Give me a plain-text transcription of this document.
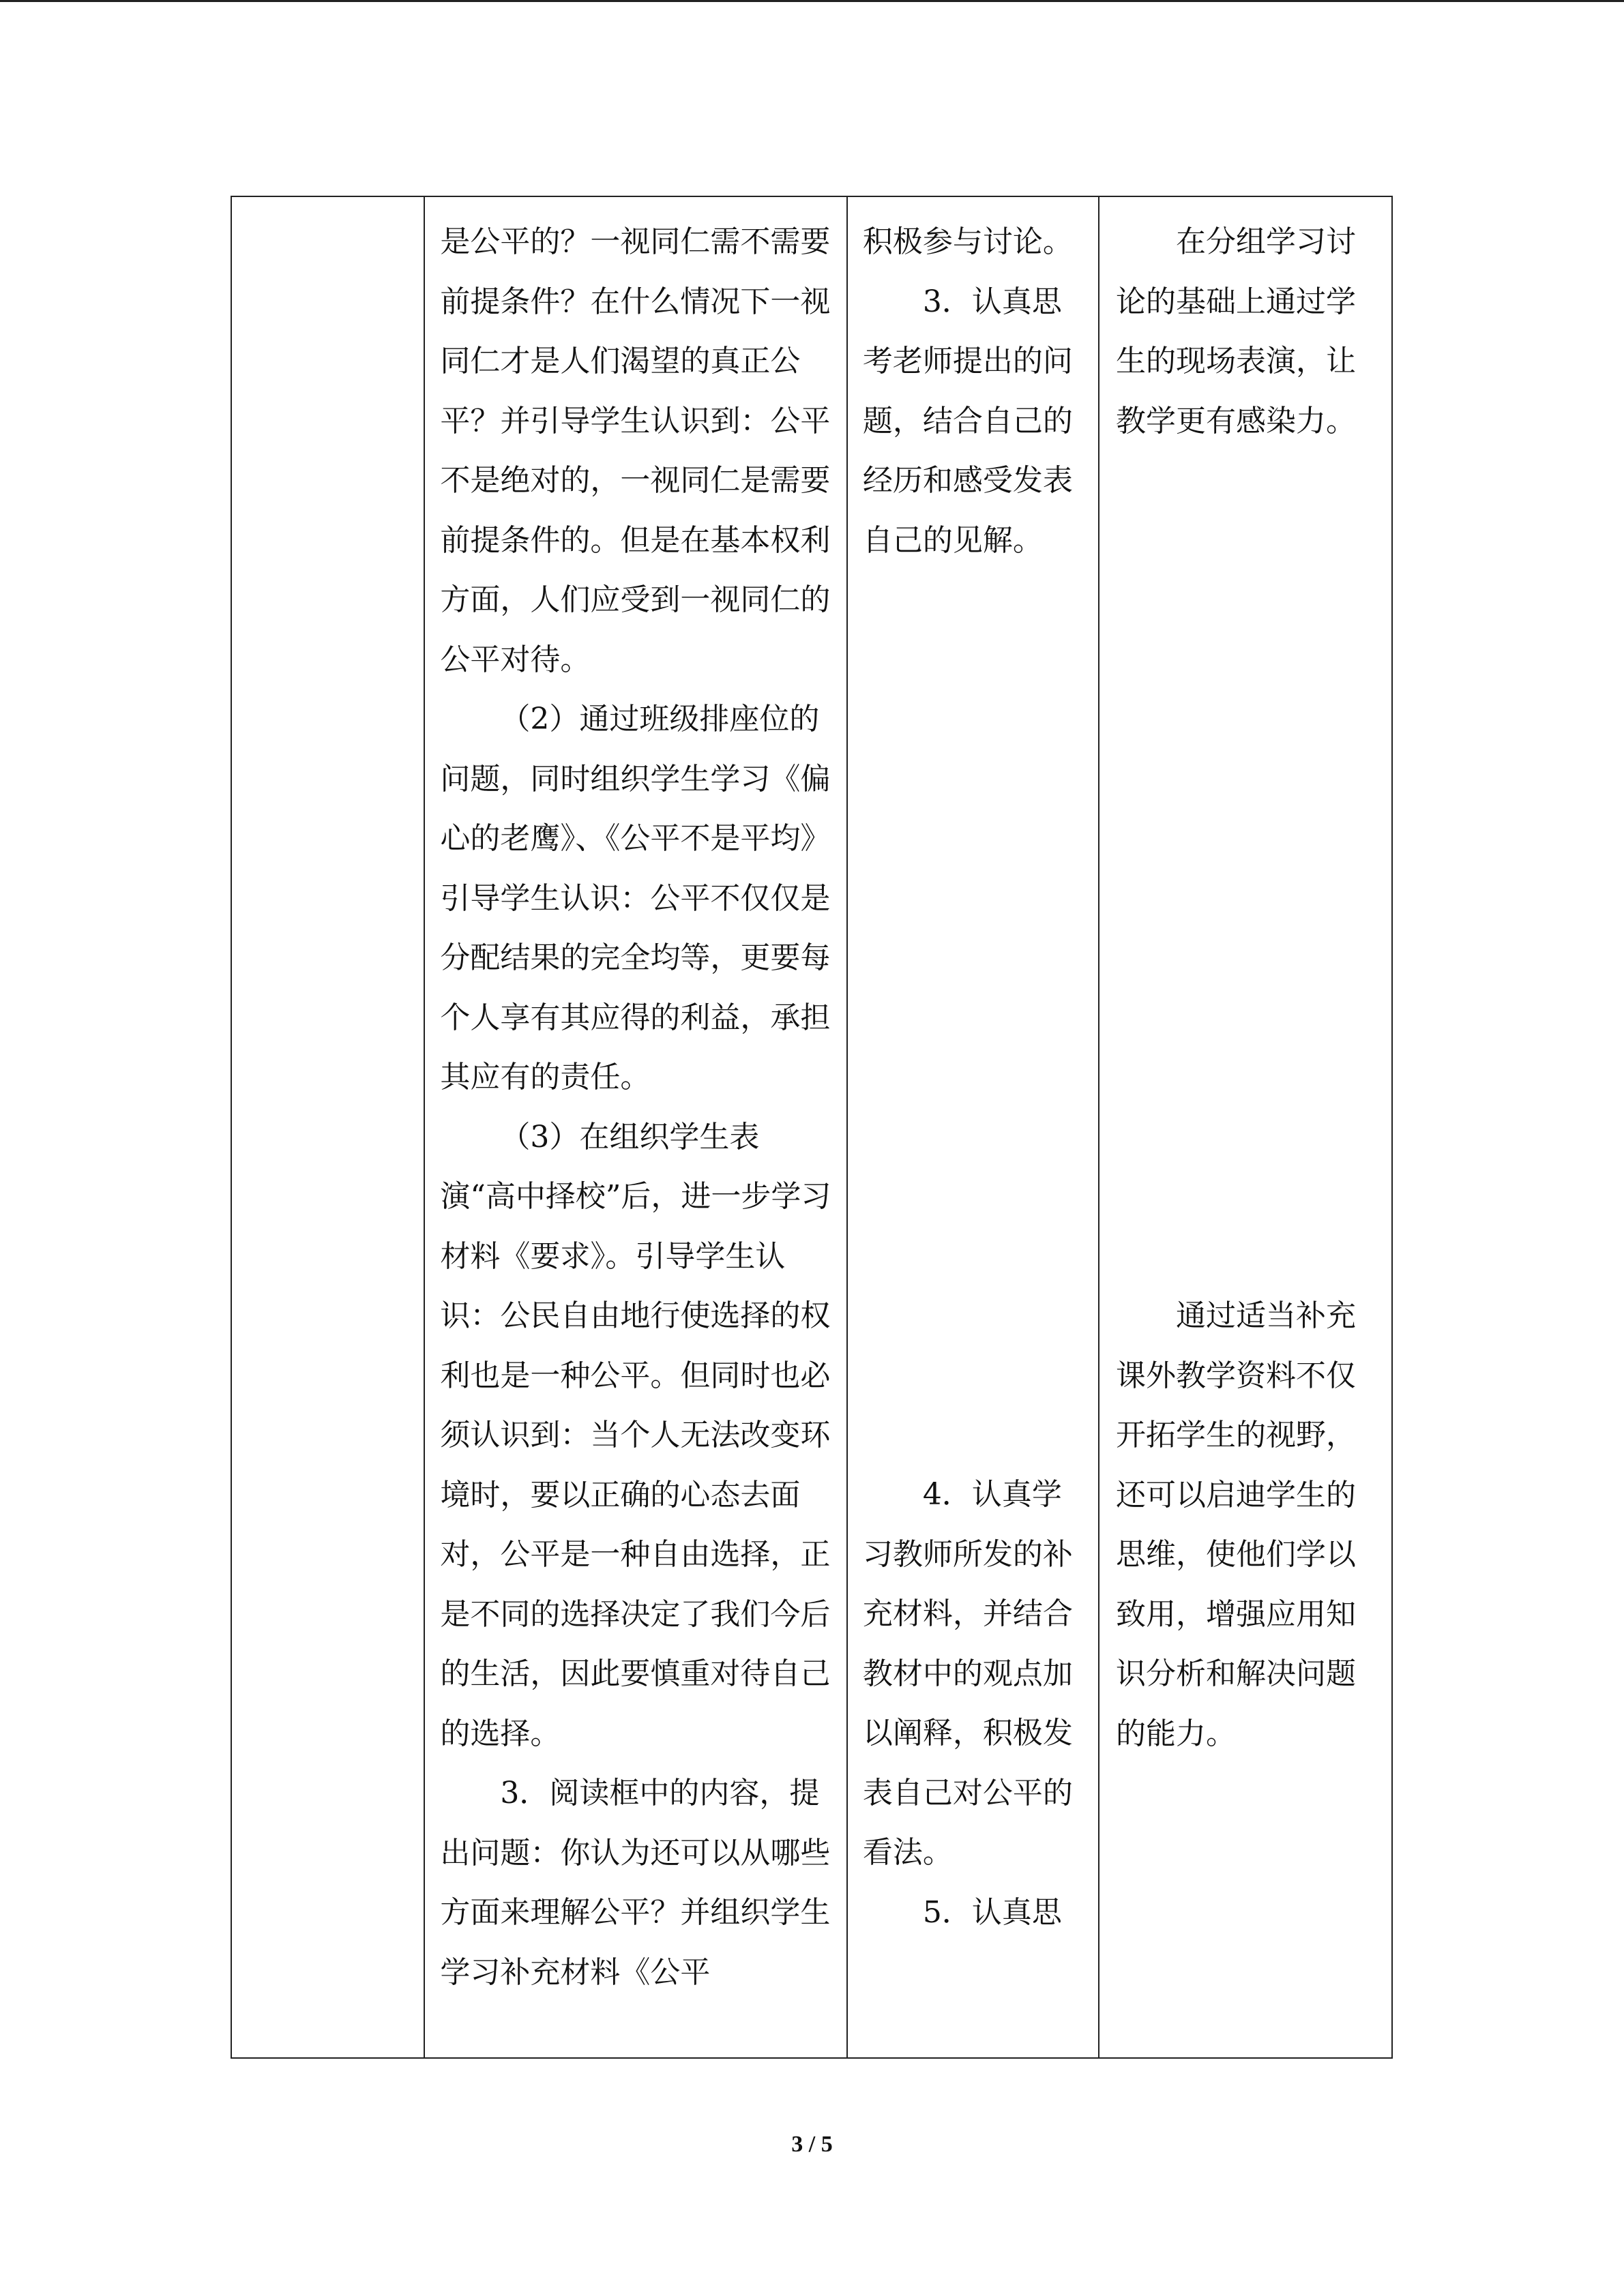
是公平的？一视同仁需不需要前提条件？在什么情况下一视同仁才是人们渴望的真正公平？并引导学生认识到：公平不是绝对的，一视同仁是需要前提条件的。但是在基本权利方面，人们应受到一视同仁的公平对待。

（2）通过班级排座位的问题，同时组织学生学习《偏心的老鹰》、《公平不是平均》引导学生认识：公平不仅仅是分配结果的完全均等，更要每个人享有其应得的利益，承担其应有的责任。

（3）在组织学生表演“高中择校”后，进一步学习材料《要求》。引导学生认识：公民自由地行使选择的权利也是一种公平。但同时也必须认识到：当个人无法改变环境时，要以正确的心态去面对，公平是一种自由选择，正是不同的选择决定了我们今后的生活，因此要慎重对待自己的选择。

3．阅读框中的内容，提出问题：你认为还可以从哪些方面来理解公平？并组织学生学习补充材料《公平

积极参与讨论。

3．认真思考老师提出的问题，结合自己的经历和感受发表自己的见解。

4．认真学习教师所发的补充材料，并结合教材中的观点加以阐释，积极发表自己对公平的看法。

5．认真思

在分组学习讨论的基础上通过学生的现场表演，让教学更有感染力。

通过适当补充课外教学资料不仅开拓学生的视野，还可以启迪学生的思维，使他们学以致用，增强应用知识分析和解决问题的能力。

3 / 5
